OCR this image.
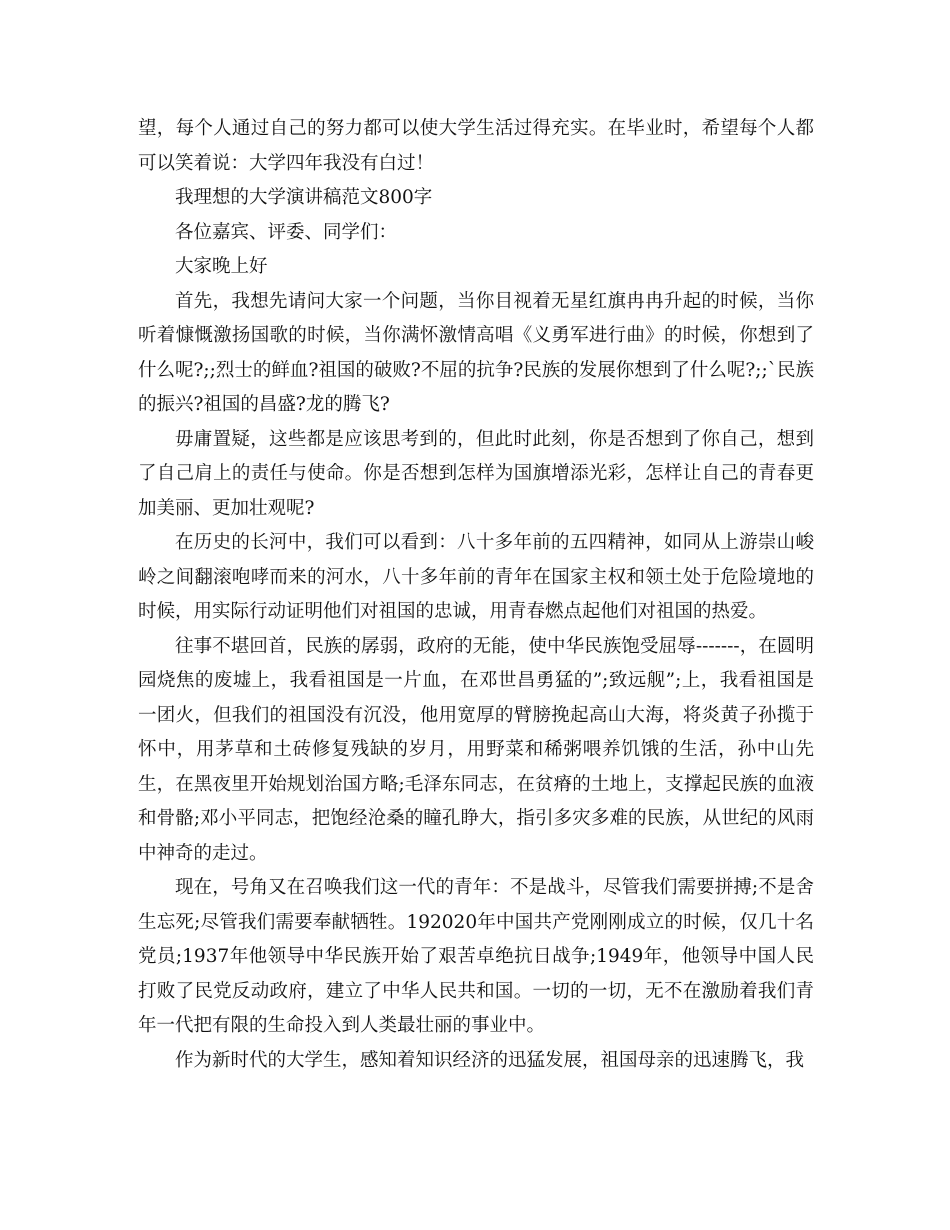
望，每个人通过自己的努力都可以使大学生活过得充实。在毕业时，希望每个人都可以笑着说：大学四年我没有白过！

我理想的大学演讲稿范文800字

各位嘉宾、评委、同学们：

大家晚上好

首先，我想先请问大家一个问题，当你目视着无星红旗冉冉升起的时候，当你听着慷慨激扬国歌的时候，当你满怀激情高唱《义勇军进行曲》的时候，你想到了什么呢?;;烈士的鲜血?祖国的破败?不屈的抗争?民族的发展你想到了什么呢?;;`民族的振兴?祖国的昌盛?龙的腾飞?

毋庸置疑，这些都是应该思考到的，但此时此刻，你是否想到了你自己，想到了自己肩上的责任与使命。你是否想到怎样为国旗增添光彩，怎样让自己的青春更加美丽、更加壮观呢?

在历史的长河中，我们可以看到：八十多年前的五四精神，如同从上游崇山峻岭之间翻滚咆哮而来的河水，八十多年前的青年在国家主权和领土处于危险境地的时候，用实际行动证明他们对祖国的忠诚，用青春燃点起他们对祖国的热爱。

往事不堪回首，民族的孱弱，政府的无能，使中华民族饱受屈辱-------，在圆明园烧焦的废墟上，我看祖国是一片血，在邓世昌勇猛的”;致远舰”;上，我看祖国是一团火，但我们的祖国没有沉没，他用宽厚的臂膀挽起高山大海，将炎黄子孙揽于怀中，用茅草和土砖修复残缺的岁月，用野菜和稀粥喂养饥饿的生活，孙中山先生，在黑夜里开始规划治国方略;毛泽东同志，在贫瘠的土地上，支撑起民族的血液和骨骼;邓小平同志，把饱经沧桑的瞳孔睁大，指引多灾多难的民族，从世纪的风雨中神奇的走过。

现在，号角又在召唤我们这一代的青年：不是战斗，尽管我们需要拼搏;不是舍生忘死;尽管我们需要奉献牺牲。192020年中国共产党刚刚成立的时候，仅几十名党员;1937年他领导中华民族开始了艰苦卓绝抗日战争;1949年，他领导中国人民打败了民党反动政府，建立了中华人民共和国。一切的一切，无不在激励着我们青年一代把有限的生命投入到人类最壮丽的事业中。

作为新时代的大学生，感知着知识经济的迅猛发展，祖国母亲的迅速腾飞，我
